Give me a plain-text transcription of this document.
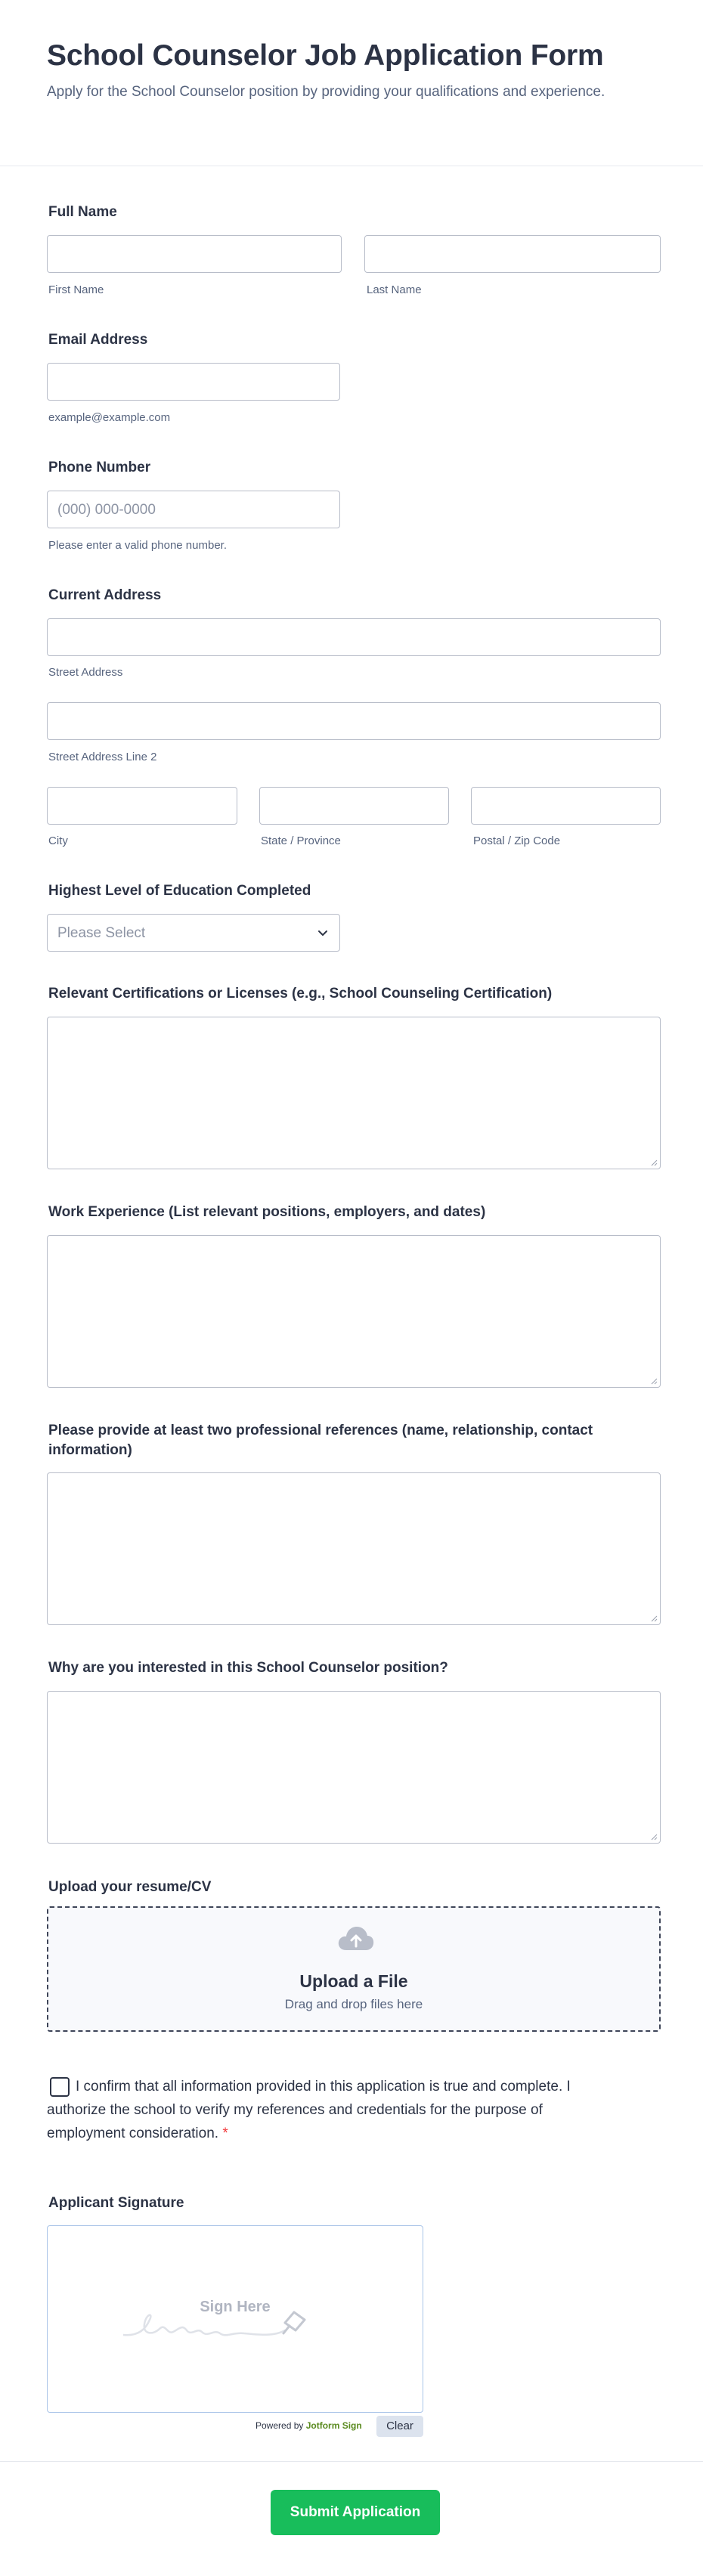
School Counselor Job Application Form

Apply for the School Counselor position by providing your qualifications and experience.

Full Name
First Name	Last Name
Email Address
example@example.com
Phone Number
(000) 000-0000
Please enter a valid phone number.
Current Address
Street Address
Street Address Line 2
City	State / Province	Postal / Zip Code
Highest Level of Education Completed
Please Select
Relevant Certifications or Licenses (e.g., School Counseling Certification)
Work Experience (List relevant positions, employers, and dates)
Please provide at least two professional references (name, relationship, contact information)
Why are you interested in this School Counselor position?
Upload your resume/CV
Upload a File
Drag and drop files here
I confirm that all information provided in this application is true and complete. I authorize the school to verify my references and credentials for the purpose of employment consideration. *
Applicant Signature
Sign Here
Powered by Jotform Sign	Clear
Submit Application
